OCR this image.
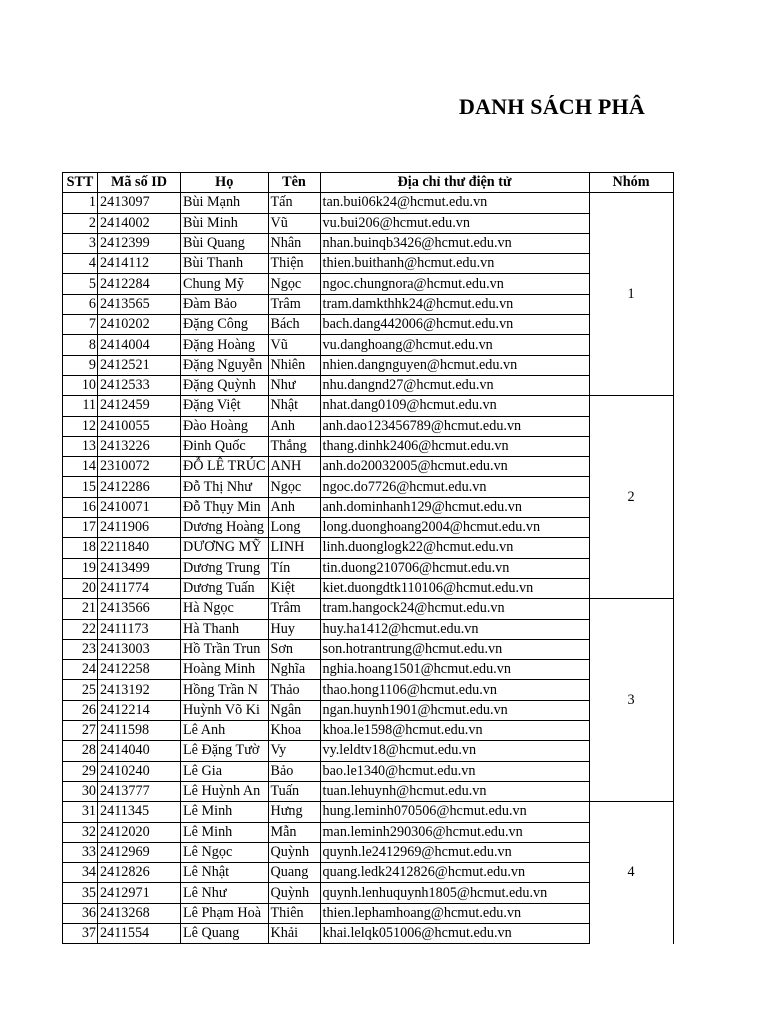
DANH SÁCH PHÂ
STT	Mã số ID	Họ	Tên	Địa chỉ thư điện tử	Nhóm
1	2413097	Bùi Mạnh	Tấn	tan.bui06k24@hcmut.edu.vn	1
2	2414002	Bùi Minh	Vũ	vu.bui206@hcmut.edu.vn	
3	2412399	Bùi Quang	Nhân	nhan.buinqb3426@hcmut.edu.vn	
4	2414112	Bùi Thanh	Thiện	thien.buithanh@hcmut.edu.vn	
5	2412284	Chung Mỹ	Ngọc	ngoc.chungnora@hcmut.edu.vn	
6	2413565	Đàm Bảo	Trâm	tram.damkthhk24@hcmut.edu.vn	
7	2410202	Đặng Công	Bách	bach.dang442006@hcmut.edu.vn	
8	2414004	Đặng Hoàng	Vũ	vu.danghoang@hcmut.edu.vn	
9	2412521	Đặng Nguyễn	Nhiên	nhien.dangnguyen@hcmut.edu.vn	
10	2412533	Đặng Quỳnh	Như	nhu.dangnd27@hcmut.edu.vn	
11	2412459	Đặng Việt	Nhật	nhat.dang0109@hcmut.edu.vn	2
12	2410055	Đào Hoàng	Anh	anh.dao123456789@hcmut.edu.vn	
13	2413226	Đinh Quốc	Thắng	thang.dinhk2406@hcmut.edu.vn	
14	2310072	ĐỖ LÊ TRÚC	ANH	anh.do20032005@hcmut.edu.vn	
15	2412286	Đỗ Thị Như	Ngọc	ngoc.do7726@hcmut.edu.vn	
16	2410071	Đỗ Thụy Min	Anh	anh.dominhanh129@hcmut.edu.vn	
17	2411906	Dương Hoàng	Long	long.duonghoang2004@hcmut.edu.vn	
18	2211840	DƯƠNG MỸ	LINH	linh.duonglogk22@hcmut.edu.vn	
19	2413499	Dương Trung	Tín	tin.duong210706@hcmut.edu.vn	
20	2411774	Dương Tuấn	Kiệt	kiet.duongdtk110106@hcmut.edu.vn	
21	2413566	Hà Ngọc	Trâm	tram.hangock24@hcmut.edu.vn	3
22	2411173	Hà Thanh	Huy	huy.ha1412@hcmut.edu.vn	
23	2413003	Hồ Trần Trun	Sơn	son.hotrantrung@hcmut.edu.vn	
24	2412258	Hoàng Minh	Nghĩa	nghia.hoang1501@hcmut.edu.vn	
25	2413192	Hồng Trần N	Thảo	thao.hong1106@hcmut.edu.vn	
26	2412214	Huỳnh Võ Ki	Ngân	ngan.huynh1901@hcmut.edu.vn	
27	2411598	Lê Anh	Khoa	khoa.le1598@hcmut.edu.vn	
28	2414040	Lê Đặng Tườ	Vy	vy.leldtv18@hcmut.edu.vn	
29	2410240	Lê Gia	Bảo	bao.le1340@hcmut.edu.vn	
30	2413777	Lê Huỳnh An	Tuấn	tuan.lehuynh@hcmut.edu.vn	
31	2411345	Lê Minh	Hưng	hung.leminh070506@hcmut.edu.vn	4
32	2412020	Lê Minh	Mẫn	man.leminh290306@hcmut.edu.vn	
33	2412969	Lê Ngọc	Quỳnh	quynh.le2412969@hcmut.edu.vn	
34	2412826	Lê Nhật	Quang	quang.ledk2412826@hcmut.edu.vn	
35	2412971	Lê Như	Quỳnh	quynh.lenhuquynh1805@hcmut.edu.vn	
36	2413268	Lê Phạm Hoà	Thiên	thien.lephamhoang@hcmut.edu.vn	
37	2411554	Lê Quang	Khải	khai.lelqk051006@hcmut.edu.vn	
